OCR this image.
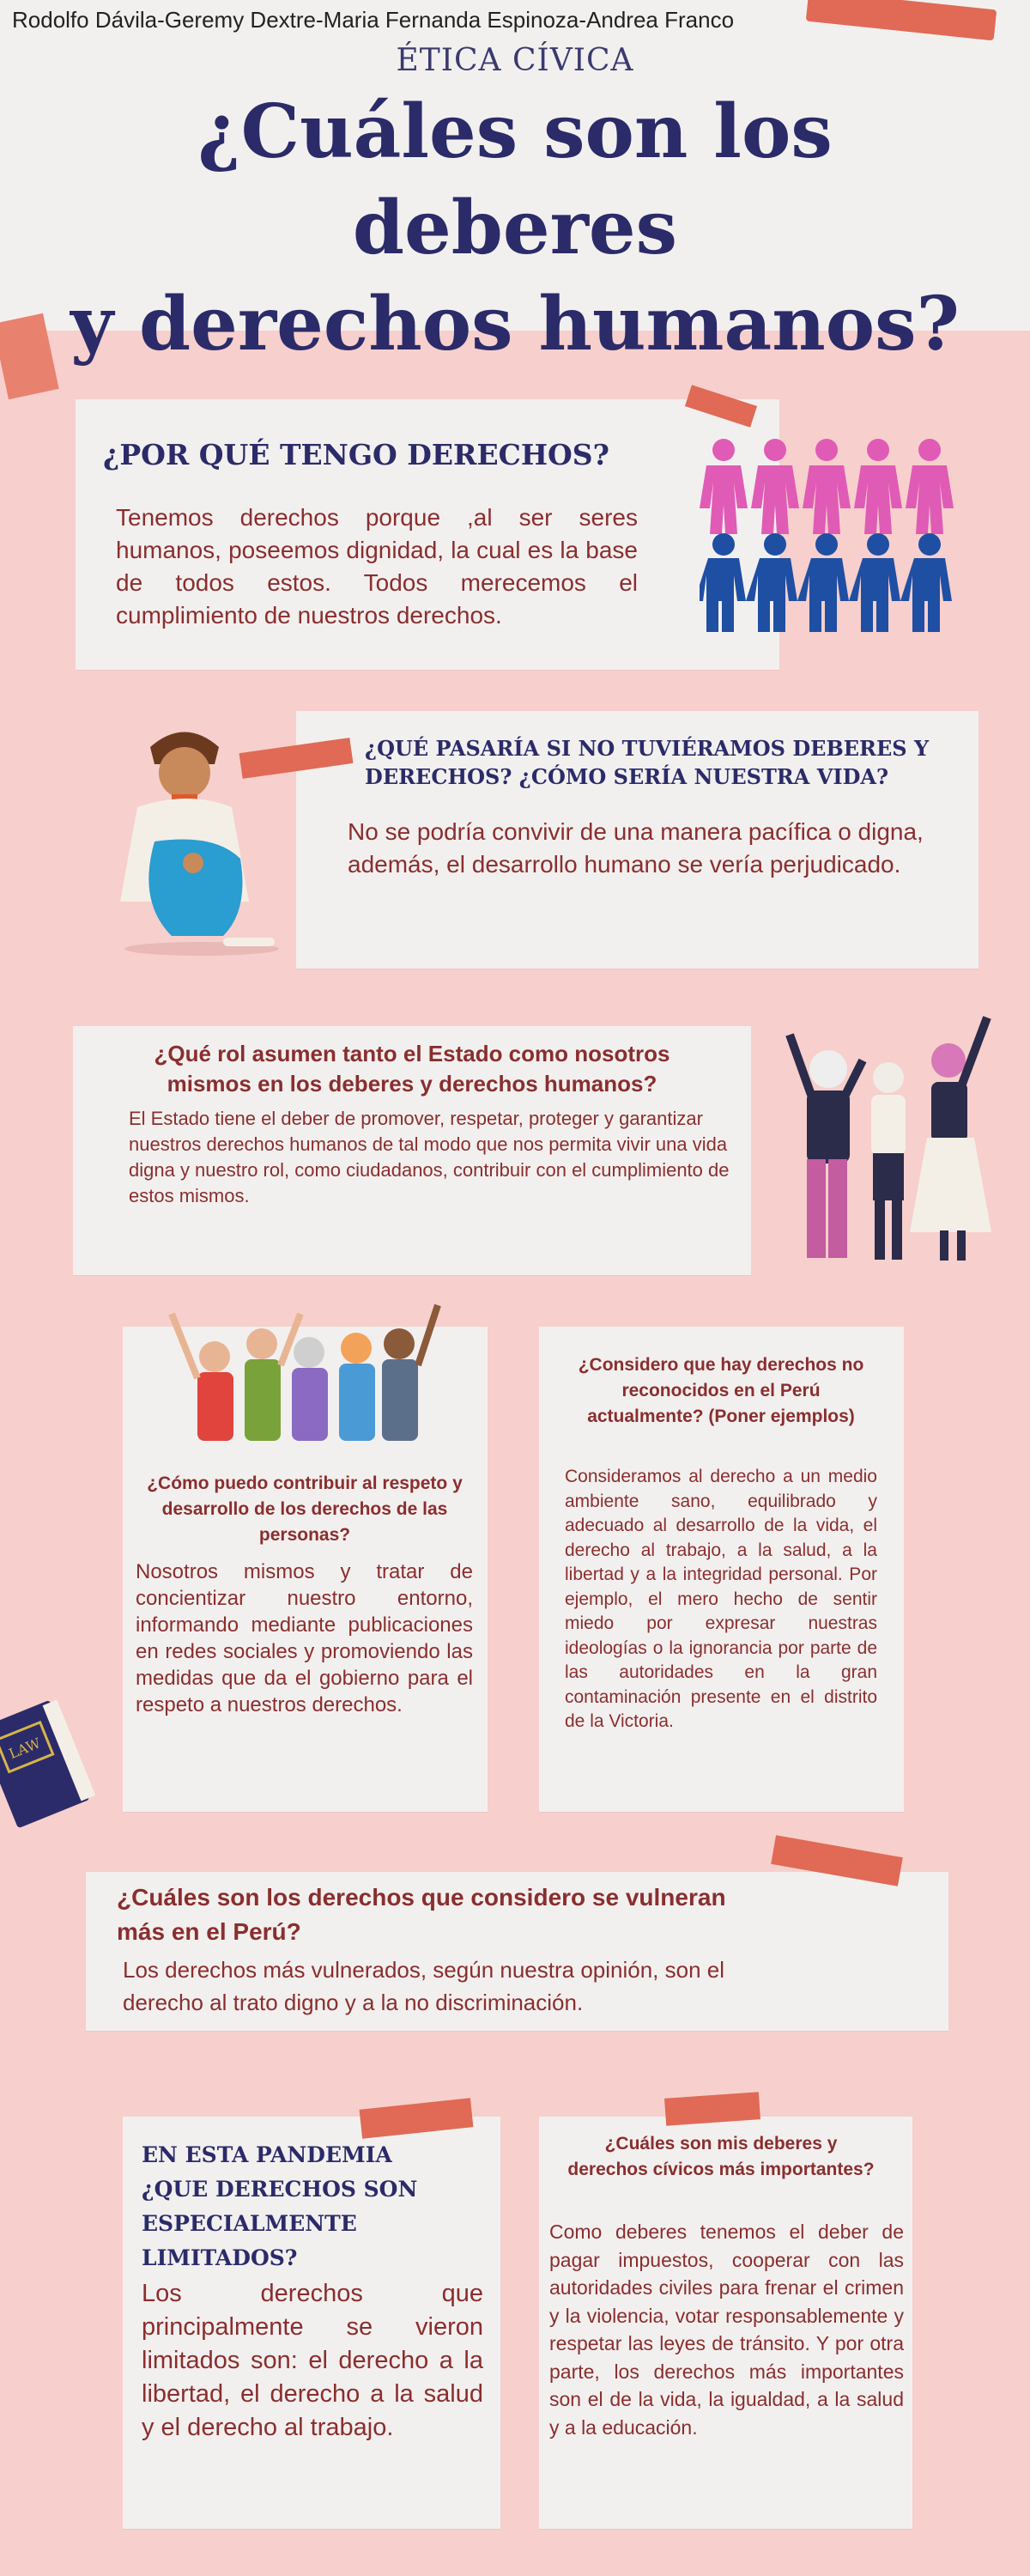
Rodolfo Dávila-Geremy Dextre-Maria Fernanda Espinoza-Andrea Franco
ÉTICA CÍVICA
¿Cuáles son los deberes
y derechos humanos?
¿POR QUÉ TENGO DERECHOS?
Tenemos derechos porque ,al ser seres humanos, poseemos dignidad, la cual es la base de todos estos. Todos merecemos el cumplimiento de nuestros derechos.
¿QUÉ PASARÍA SI NO TUVIÉRAMOS DEBERES Y
DERECHOS? ¿CÓMO SERÍA NUESTRA VIDA?
No se podría convivir de una manera pacífica o digna, además, el desarrollo humano se vería perjudicado.
¿Qué rol asumen tanto el Estado como nosotros
mismos en los deberes y derechos humanos?
El Estado tiene el deber de promover, respetar, proteger y garantizar nuestros derechos humanos de tal modo que nos permita vivir una vida digna y nuestro rol, como ciudadanos, contribuir con el cumplimiento de estos mismos.
¿Cómo puedo contribuir al respeto y desarrollo de los derechos de las personas?
Nosotros mismos y tratar de concientizar nuestro entorno, informando mediante publicaciones en redes sociales y promoviendo las medidas que da el gobierno para el respeto a nuestros derechos.
¿Considero que hay derechos no reconocidos en el Perú actualmente? (Poner ejemplos)
Consideramos al derecho a un medio ambiente sano, equilibrado y adecuado al desarrollo de la vida, el derecho al trabajo, a la salud, a la libertad y a la integridad personal. Por ejemplo, el mero hecho de sentir miedo por expresar nuestras ideologías o la ignorancia por parte de las autoridades en la gran contaminación presente en el distrito de la Victoria.
LAW
¿Cuáles son los derechos que considero se vulneran
más en el Perú?
Los derechos más vulnerados, según nuestra opinión, son el derecho al trato digno y a la no discriminación.
EN ESTA PANDEMIA ¿QUE DERECHOS SON ESPECIALMENTE LIMITADOS?
Los derechos que principalmente se vieron limitados son: el derecho a la libertad, el derecho a la salud y el derecho al trabajo.
¿Cuáles son mis deberes y derechos cívicos más importantes?
Como deberes tenemos el deber de pagar impuestos, cooperar con las autoridades civiles para frenar el crimen y la violencia, votar responsablemente y respetar las leyes de tránsito. Y por otra parte, los derechos más importantes son el de la vida, la igualdad, a la salud y a la educación.
